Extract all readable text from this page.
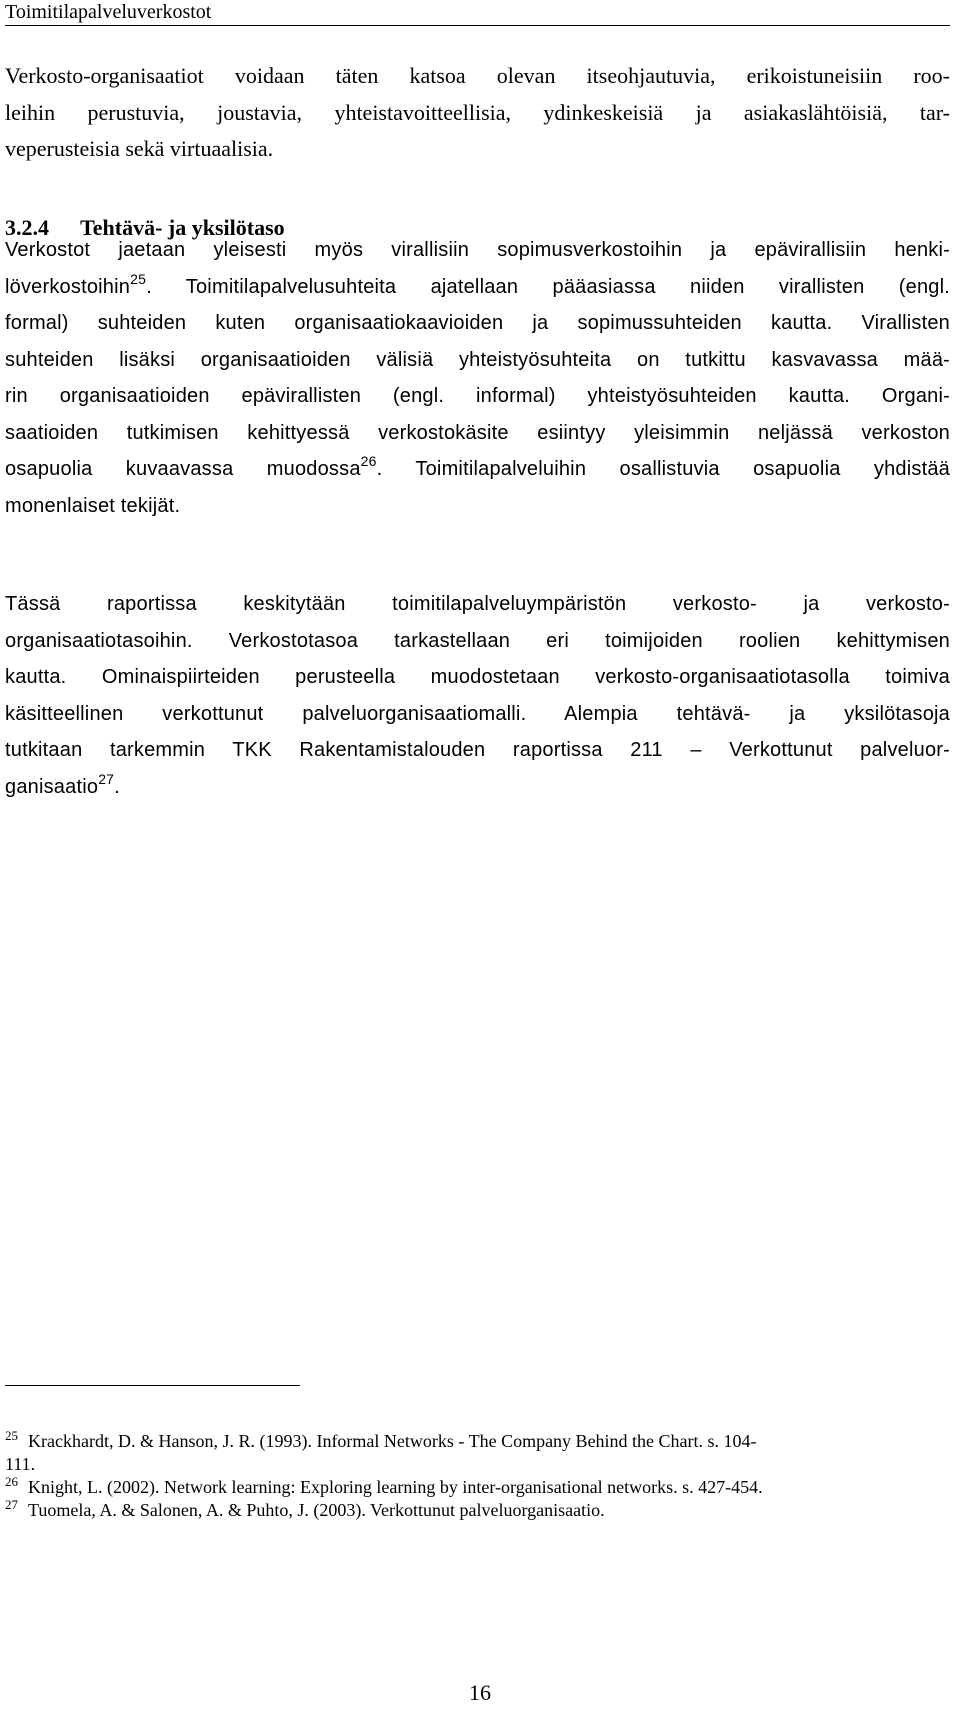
Toimitilapalveluverkostot
Verkosto-organisaatiot voidaan täten katsoa olevan itseohjautuvia, erikoistuneisiin roo-
leihin perustuvia, joustavia, yhteistavoitteellisia, ydinkeskeisiä ja asiakaslähtöisiä, tar-
veperusteisia sekä virtuaalisia.
3.2.4 Tehtävä- ja yksilötaso
Verkostot jaetaan yleisesti myös virallisiin sopimusverkostoihin ja epävirallisiin henki-
löverkostoihin$^{25}$. Toimitilapalvelusuhteita ajatellaan pääasiassa niiden virallisten (engl.
formal) suhteiden kuten organisaatiokaavioiden ja sopimussuhteiden kautta. Virallisten
suhteiden lisäksi organisaatioiden välisiä yhteistyösuhteita on tutkittu kasvavassa mää-
rin organisaatioiden epävirallisten (engl. informal) yhteistyösuhteiden kautta. Organi-
saatioiden tutkimisen kehittyessä verkostokäsite esiintyy yleisimmin neljässä verkoston
osapuolia kuvaavassa muodossa$^{26}$. Toimitilapalveluihin osallistuvia osapuolia yhdistää
monenlaiset tekijät.
Tässä raportissa keskitytään toimitilapalveluympäristön verkosto- ja verkosto-
organisaatiotasoihin. Verkostotasoa tarkastellaan eri toimijoiden roolien kehittymisen
kautta. Ominaispiirteiden perusteella muodostetaan verkosto-organisaatiotasolla toimiva
käsitteellinen verkottunut palveluorganisaatiomalli. Alempia tehtävä- ja yksilötasoja
tutkitaan tarkemmin TKK Rakentamistalouden raportissa 211 – Verkottunut palveluor-
ganisaatio$^{27}$.
$^{25}$ Krackhardt, D. & Hanson, J. R. (1993). Informal Networks - The Company Behind the Chart. s. 104-
111.
$^{26}$ Knight, L. (2002). Network learning: Exploring learning by inter-organisational networks. s. 427-454.
$^{27}$ Tuomela, A. & Salonen, A. & Puhto, J. (2003). Verkottunut palveluorganisaatio.
16
